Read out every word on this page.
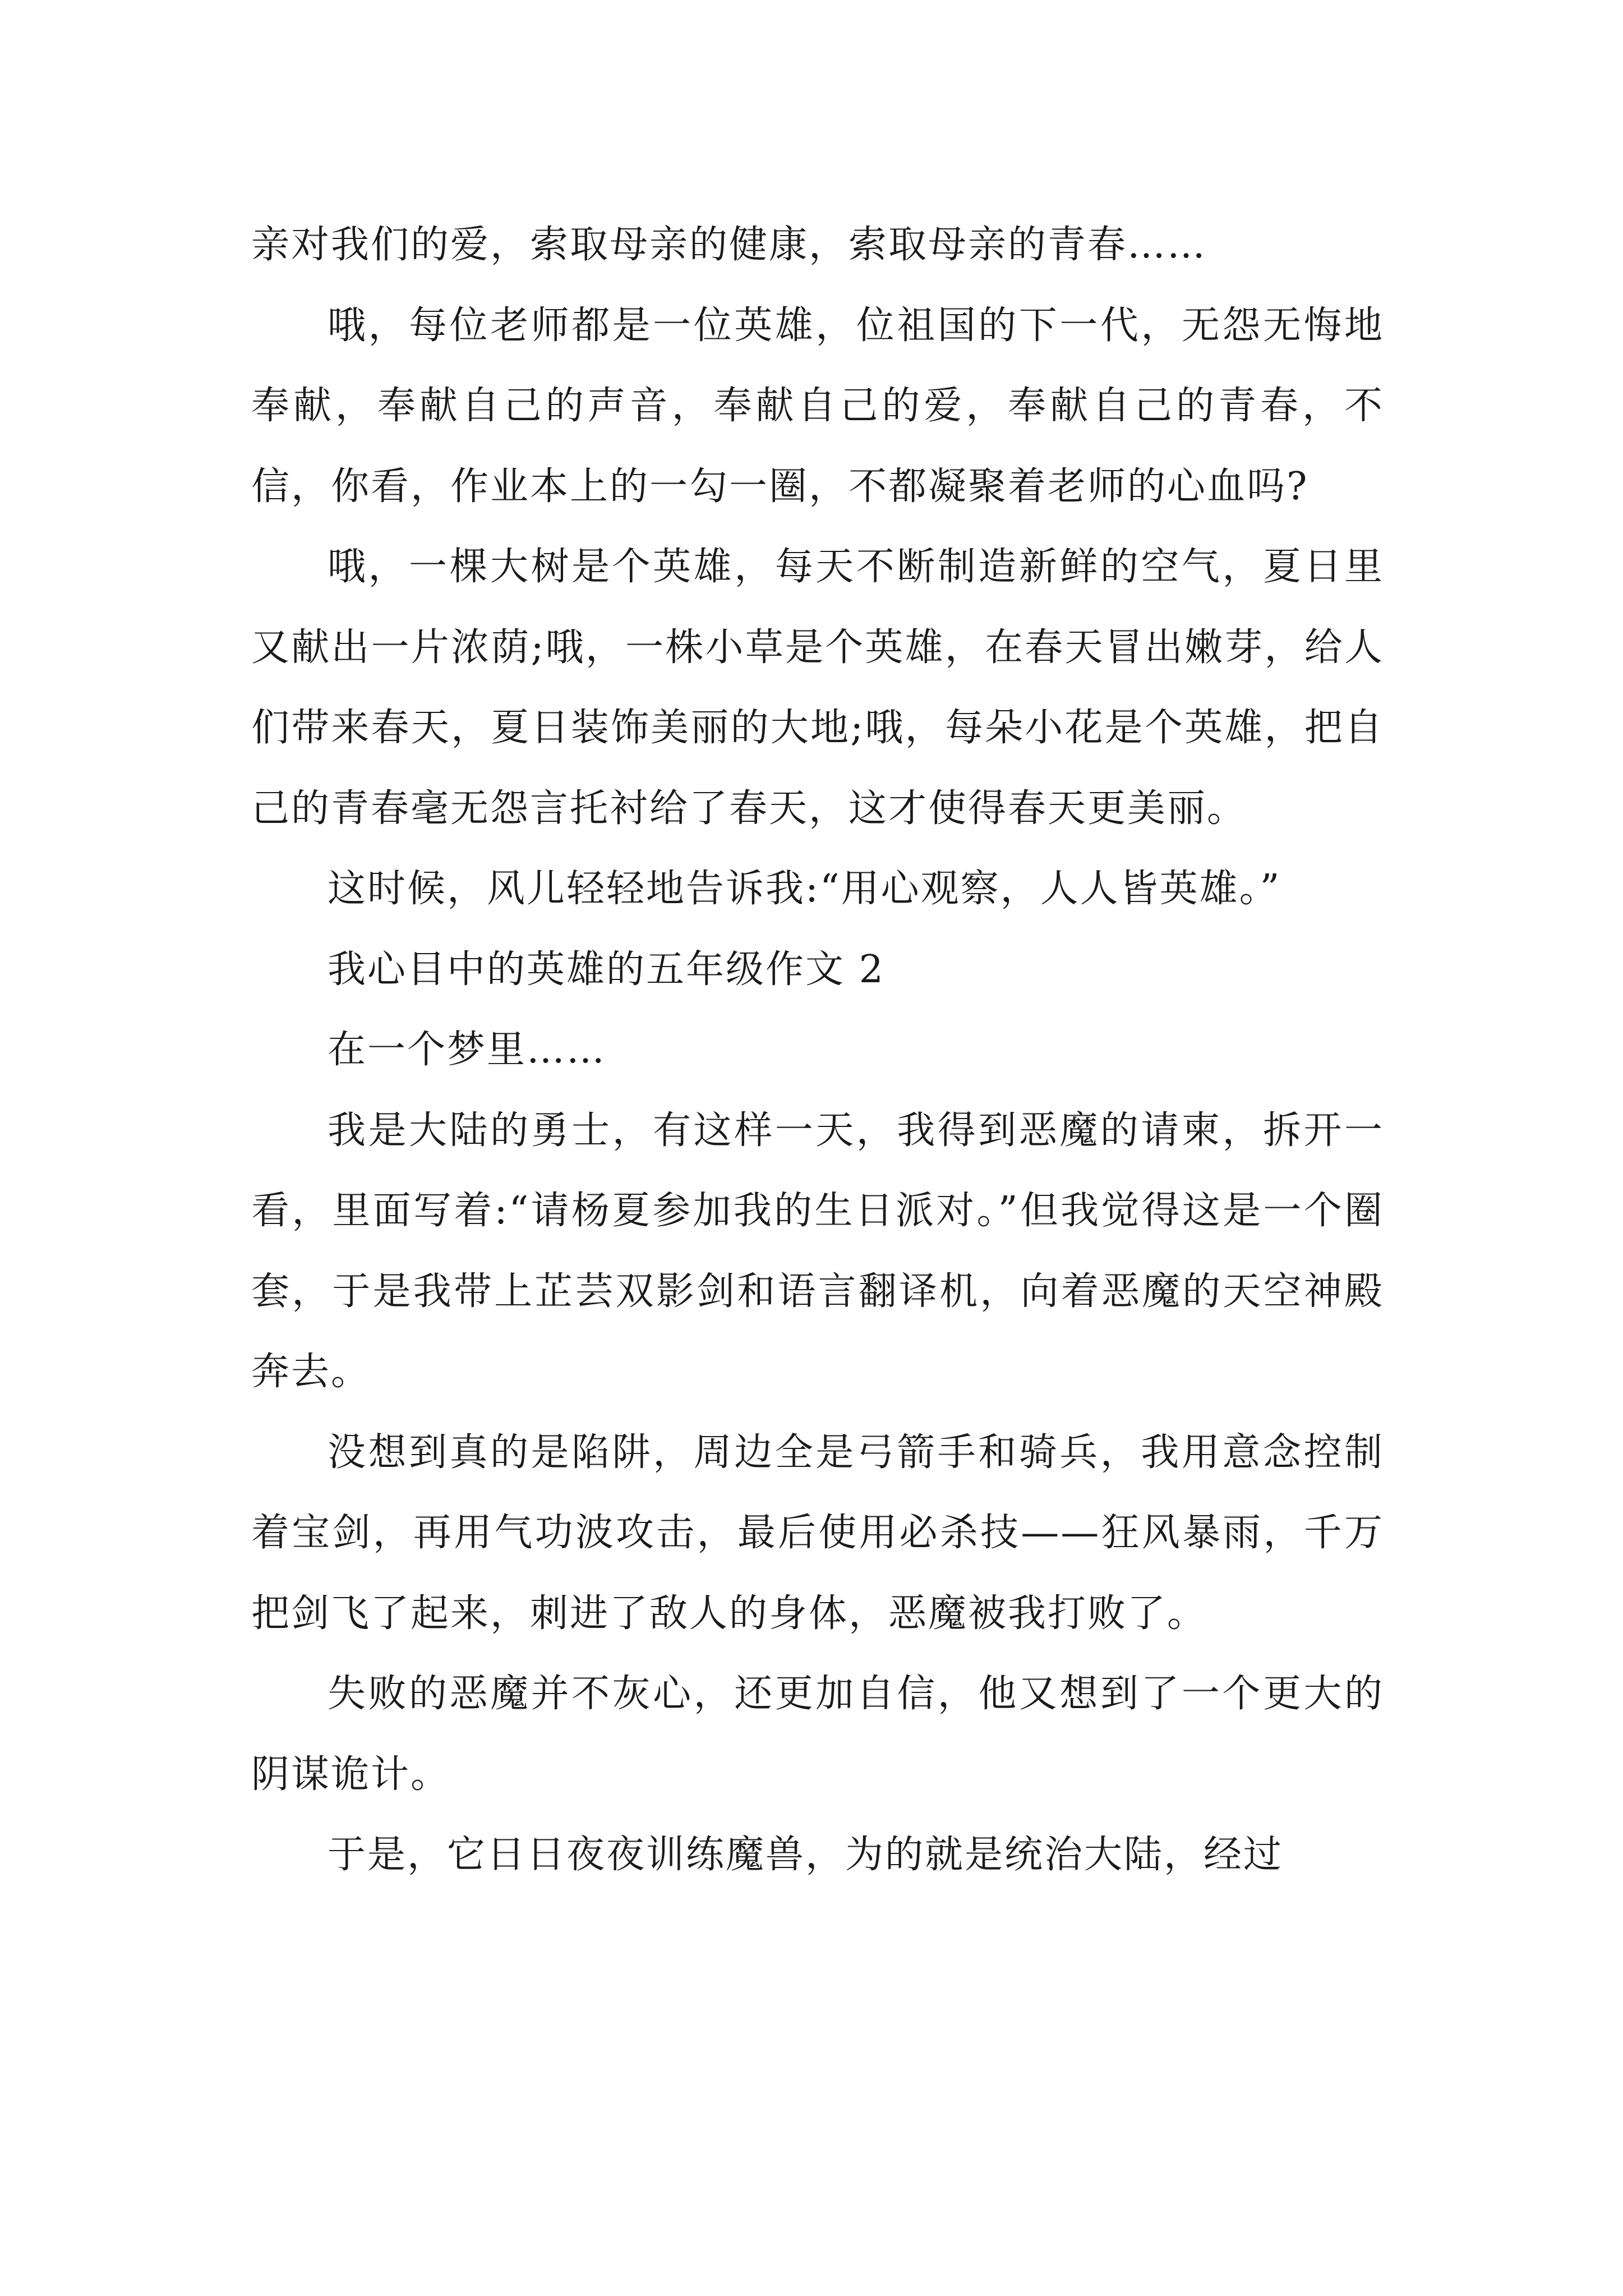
亲对我们的爱，索取母亲的健康，索取母亲的青春……

哦，每位老师都是一位英雄，位祖国的下一代，无怨无悔地奉献，奉献自己的声音，奉献自己的爱，奉献自己的青春，不信，你看，作业本上的一勾一圈，不都凝聚着老师的心血吗?

哦，一棵大树是个英雄，每天不断制造新鲜的空气，夏日里又献出一片浓荫;哦，一株小草是个英雄，在春天冒出嫩芽，给人们带来春天，夏日装饰美丽的大地;哦，每朵小花是个英雄，把自己的青春毫无怨言托衬给了春天，这才使得春天更美丽。

这时候，风儿轻轻地告诉我:“用心观察，人人皆英雄。”

我心目中的英雄的五年级作文 2

在一个梦里……

我是大陆的勇士，有这样一天，我得到恶魔的请柬，拆开一看，里面写着:“请杨夏参加我的生日派对。”但我觉得这是一个圈套，于是我带上芷芸双影剑和语言翻译机，向着恶魔的天空神殿奔去。

没想到真的是陷阱，周边全是弓箭手和骑兵，我用意念控制着宝剑，再用气功波攻击，最后使用必杀技——狂风暴雨，千万把剑飞了起来，刺进了敌人的身体，恶魔被我打败了。

失败的恶魔并不灰心，还更加自信，他又想到了一个更大的阴谋诡计。

于是，它日日夜夜训练魔兽，为的就是统治大陆，经过
